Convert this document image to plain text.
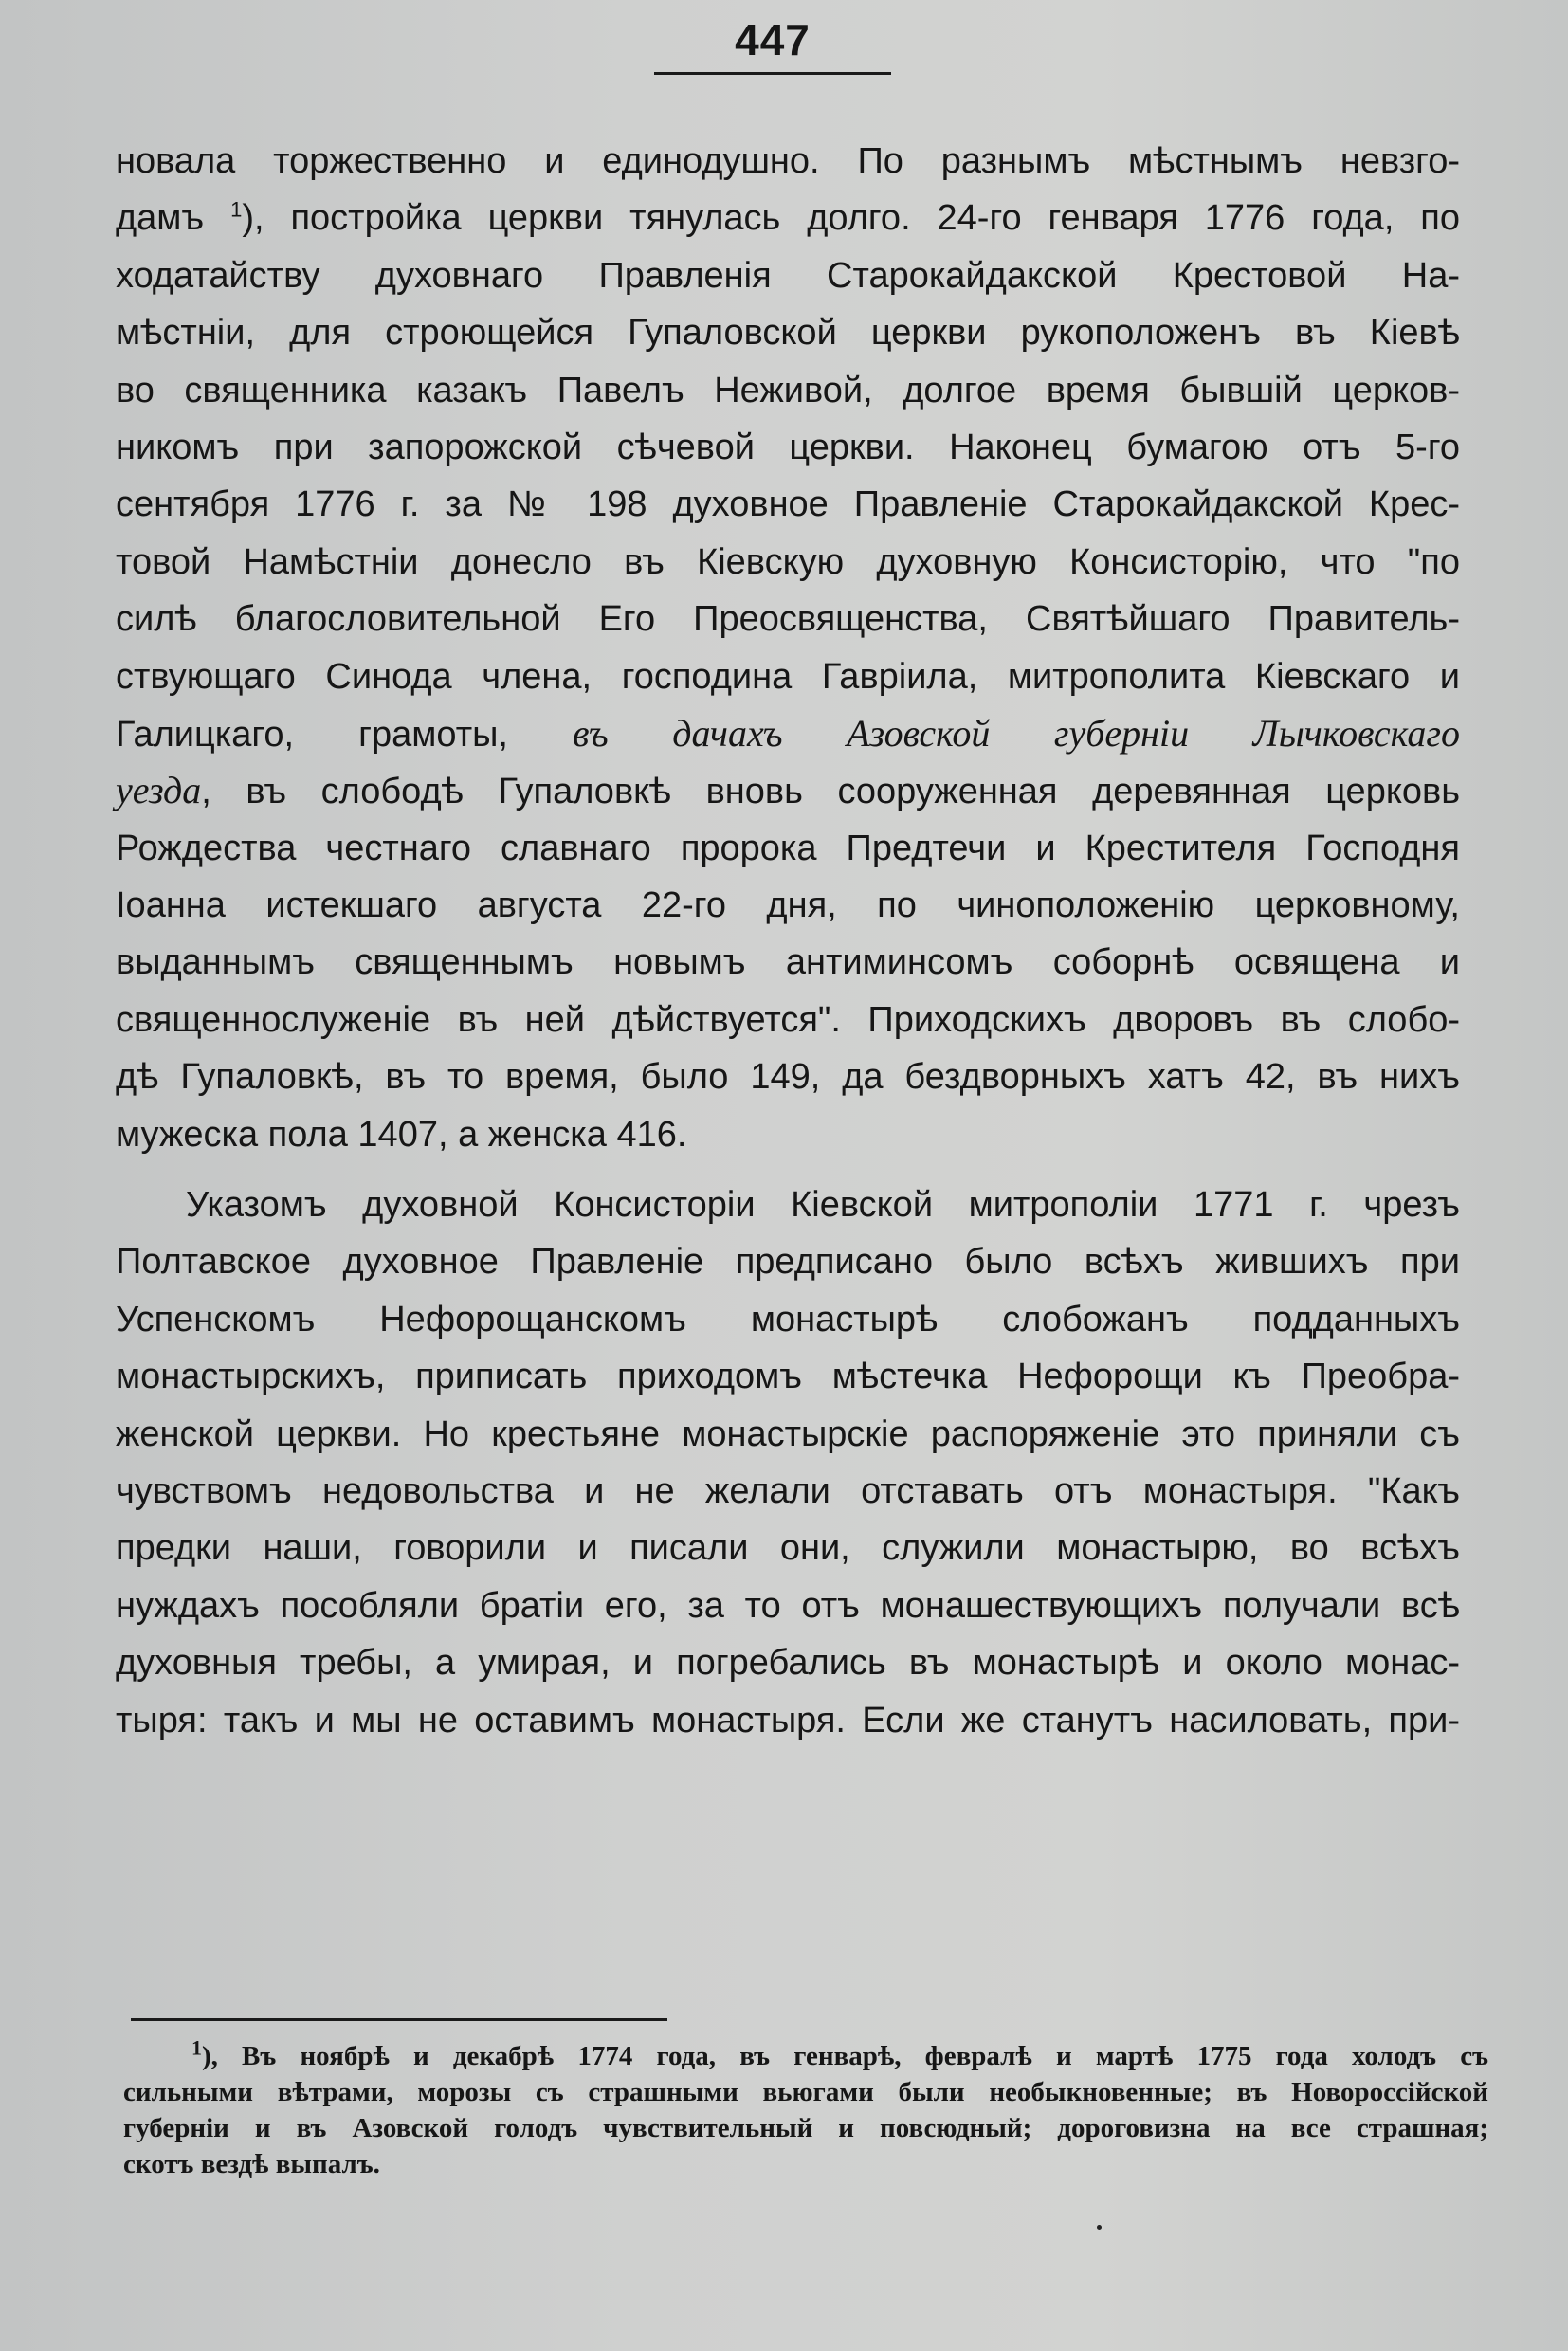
447
новала торжественно и единодушно. По разнымъ мѣстнымъ невзго-
дамъ $^1$), постройка церкви тянулась долго. 24-го генваря 1776 года, по
ходатайству духовнаго Правленія Старокайдакской Крестовой На-
мѣстніи, для строющейся Гупаловской церкви рукоположенъ въ Кіевѣ
во священника казакъ Павелъ Неживой, долгое время бывшій церков-
никомъ при запорожской сѣчевой церкви. Наконец бумагою отъ 5-го
сентября 1776 г. за № 198 духовное Правленіе Старокайдакской Крес-
товой Намѣстніи донесло въ Кіевскую духовную Консисторію, что "по
силѣ благословительной Его Преосвященства, Святѣйшаго Правитель-
ствующаго Синода члена, господина Гавріила, митрополита Кіевскаго и
Галицкаго, грамоты, въ дачахъ Азовской губерніи Лычковскаго
уезда, въ слободѣ Гупаловкѣ вновь сооруженная деревянная церковь
Рождества честнаго славнаго пророка Предтечи и Крестителя Господня
Іоанна истекшаго августа 22-го дня, по чиноположенію церковному,
выданнымъ священнымъ новымъ антиминсомъ соборнѣ освящена и
священнослуженіе въ ней дѣйствуется". Приходскихъ дворовъ въ слобо-
дѣ Гупаловкѣ, въ то время, было 149, да бездворныхъ хатъ 42, въ нихъ
мужеска пола 1407, а женска 416.
Указомъ духовной Консисторіи Кіевской митрополіи 1771 г. чрезъ
Полтавское духовное Правленіе предписано было всѣхъ жившихъ при
Успенскомъ Нефорощанскомъ монастырѣ слобожанъ подданныхъ
монастырскихъ, приписать приходомъ мѣстечка Нефорощи къ Преобра-
женской церкви. Но крестьяне монастырскіе распоряженіе это приняли съ
чувствомъ недовольства и не желали отставать отъ монастыря. "Какъ
предки наши, говорили и писали они, служили монастырю, во всѣхъ
нуждахъ пособляли братіи его, за то отъ монашествующихъ получали всѣ
духовныя требы, а умирая, и погребались въ монастырѣ и около монас-
тыря: такъ и мы не оставимъ монастыря. Если же станутъ насиловать, при-
$^1$), Въ ноябрѣ и декабрѣ 1774 года, въ генварѣ, февралѣ и мартѣ 1775 года холодъ съ
сильными вѣтрами, морозы съ страшными вьюгами были необыкновенные; въ Новороссійской
губерніи и въ Азовской голодъ чувствительный и повсюдный; дороговизна на все страшная;
скотъ вездѣ выпалъ.
